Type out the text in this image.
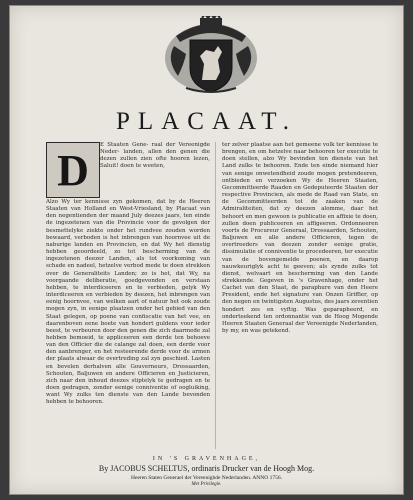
PLACAAT.
D

E Staaten Gene- raal der Vereenigde Neder- landen, allen den genen die dezen zullen zien ofte hooren lezen, Saluit! doen te weeten,

Alzo Wy ter kennisse zyn gekomen, dat by de Heeren Staaten van Holland en West-Vriesland, by Placaat van den negentienden der maand July deezes jaars, ten einde de ingezetenen van die Provincie voor de gevolgen der besmettelyke ziekte onder het rundvee zouden worden bewaard, verboden is het inbrengen van hoornvee uit de naburige landen en Provincien, en dat Wy het dienstig hebben geoordeeld, zo tot bescherming van de ingezetenen deezer Landen, als tot voorkoming van schade en nadeel, hetzelve verbod mede te doen strekken over de Generaliteits Landen; zo is het, dat Wy, na voorgaande deliberatie, goedgevonden en verstaan hebben, te interdiceeren en te verbieden, gelyk Wy interdiceeren en verbieden by deezen, het inbrengen van eenig hoornvee, van welken aart of natuur het ook zoude mogen zyn, in eenige plaatzen onder het gebied van den Staat gelegen, op poene van confiscatie van het vee, en daarenboven eene boete van hondert guldens voor ieder beest, te verbeuren door den genen die zich daarmede zal hebben bemoeid, te appliceeren een derde ten behoeve van den Officier die de calange zal doen, een derde voor den aanbrenger, en het resteerende derde voor de armen der plaats alwaar de overtreding zal zyn geschied. Lasten en bevelen derhalven alle Gouverneurs, Drossaarden, Schouten, Baljuwen en andere Officieren en Justicieren, zich naar den inhoud deezes stiptelyk te gedragen en te doen gedragen, zonder eenige conniventie of oogluiking, want Wy zulks ten dienste van den Lande bevonden hebben te behooren.

ter zelver plaatse aan het gemeene volk ter kennisse te brengen, en om hetzelve naar behooren ter executie te doen stellen, alzo Wy bevinden ten dienste van het Land zulks te behooren. Ende ten einde niemand hier van eenige onwetendheid zoude mogen pretendeeren, ontbieden en verzoeken Wy de Heeren Staaten, Gecommitteerde Raaden en Gedeputeerde Staaten der respective Provincien, als mede de Raad van State, en de Gecommitteerden tot de zaaken van de Admiraliteiten, dat zy deezen alomme, daar het behoort en men gewoon is publicatie en affixie te doen, zullen doen publiceeren en affigeeren. Ordonneeren voorts de Procureur Generaal, Drossaarden, Schouten, Baljuwen en alle andere Officieren, tegen de overtreeders van deezen zonder eenige gratie, dissimulatie of conniventie te procedeeren, ter executie van de bovengemelde poenen, en daarop nauwkeuriglyk acht te geeven; als zynde zulks tot dienst, welvaart en bescherming van den Lande strekkende. Gegeven in 's Gravenhage, onder het Cachet van den Staat, de paraphure van den Heere President, ende het signature van Onzen Griffier, op den negen en twintigsten Augustus, des jaars zeventien hondert zes en vyftig. Was geparapheerd, en onderteekend ten ordonnantie van de Hoog Mogende Heeren Staaten Generaal der Vereenigde Nederlanden, by my, en was getekend.

IN 'S GRAVENHAGE,
By JACOBUS SCHELTUS, ordinaris Drucker van de Hoogh Mog.
Heeren Staten Generael der Vereenighde Nederlanden. ANNO 1756.
Met Privilegie.
